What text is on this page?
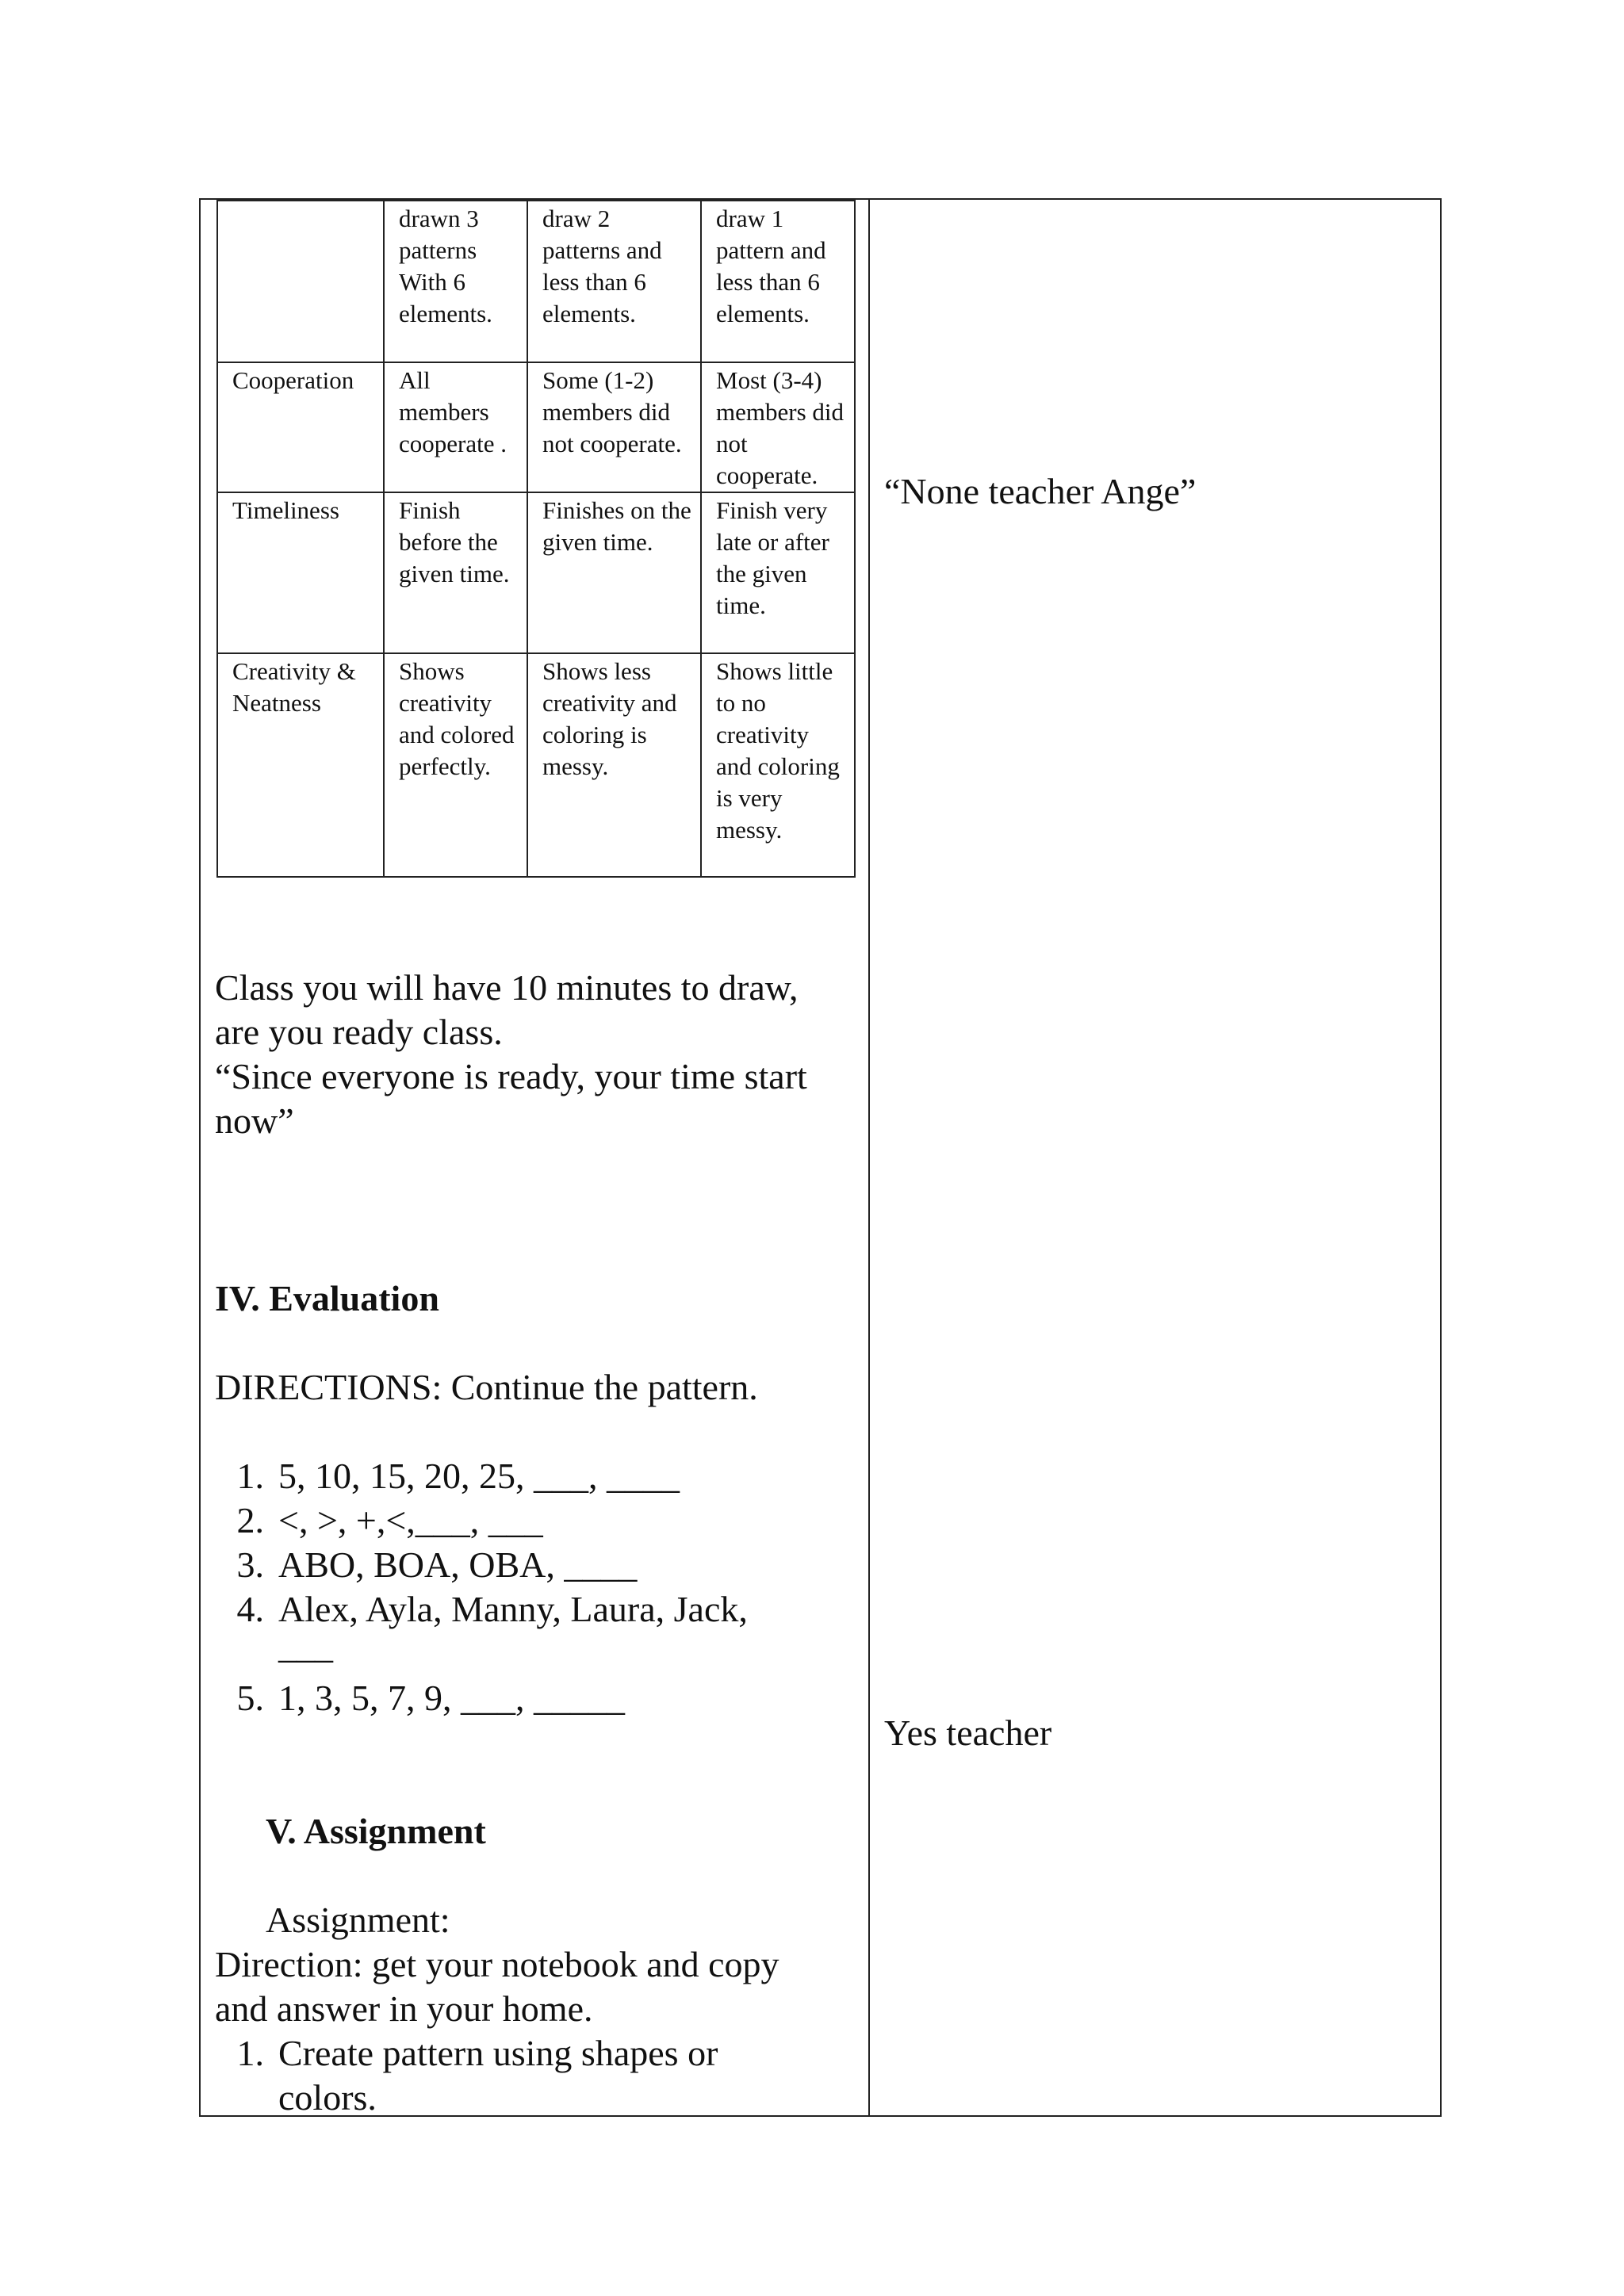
	drawn 3 patterns With 6 elements.	draw 2 patterns and less than 6 elements.	draw 1 pattern and less than 6 elements.
Cooperation	All members cooperate .	Some (1-2) members did not cooperate.	Most (3-4) members did not cooperate.
Timeliness	Finish before the given time.	Finishes on the given time.	Finish very late or after the given time.
Creativity & Neatness	Shows creativity and colored perfectly.	Shows less creativity and coloring is messy.	Shows little to no creativity and coloring is very messy.
“None teacher Ange”
Yes teacher
Class you will have 10 minutes to draw, are you ready class.
“Since everyone is ready, your time start now”
IV. Evaluation
DIRECTIONS: Continue the pattern.
1. 5, 10, 15, 20, 25, ___, ____
2. <, >, +,<,___, ___
3. ABO, BOA, OBA, ____
4. Alex, Ayla, Manny, Laura, Jack,
___
5. 1, 3, 5, 7, 9, ___, _____
V. Assignment
Assignment:
Direction: get your notebook and copy
and answer in your home.
1. Create pattern using shapes or
colors.
